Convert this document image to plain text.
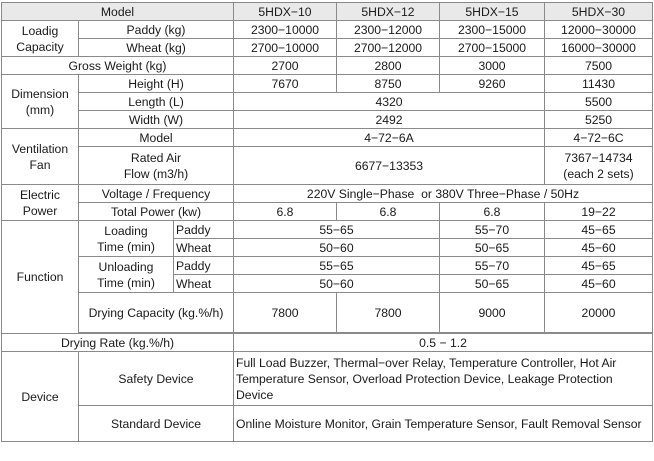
Model			5HDX−10	5HDX−12	5HDX−15	5HDX−30
Loadig
Capacity	Paddy (kg)		2300−10000	2300−12000	2300−15000	12000−30000
	Wheat (kg)		2700−10000	2700−12000	2700−15000	16000−30000
Gross Weight (kg)			2700	2800	3000	7500
Dimension
(mm)	Height (H)		7670	8750	9260	11430
	Length (L)		4320			5500
	Width (W)		2492			5250
Ventilation
Fan	Model		4−72−6A			4−72−6C
	Rated Air
Flow (m3/h)		6677−13353			7367−14734
(each 2 sets)
Electric
Power	Voltage / Frequency		220V Single−Phase  or 380V Three−Phase / 50Hz			
	Total Power (kw)		6.8	6.8	6.8	19−22
Function	Loading
Time (min)	Paddy	55−65		55−70	45−65
		Wheat	50−60		50−65	45−60
	Unloading
Time (min)	Paddy	55−65		55−70	45−65
		Wheat	50−60		50−65	45−60
	Drying Capacity (kg.%/h)		7800	7800	9000	20000

Drying Rate (kg.%/h)			0.5 − 1.2			
Device	Safety Device		Full Load Buzzer, Thermal−over Relay, Temperature Controller, Hot Air Temperature Sensor, Overload Protection Device, Leakage Protection Device			
	Standard Device		Online Moisture Monitor, Grain Temperature Sensor, Fault Removal Sensor			
